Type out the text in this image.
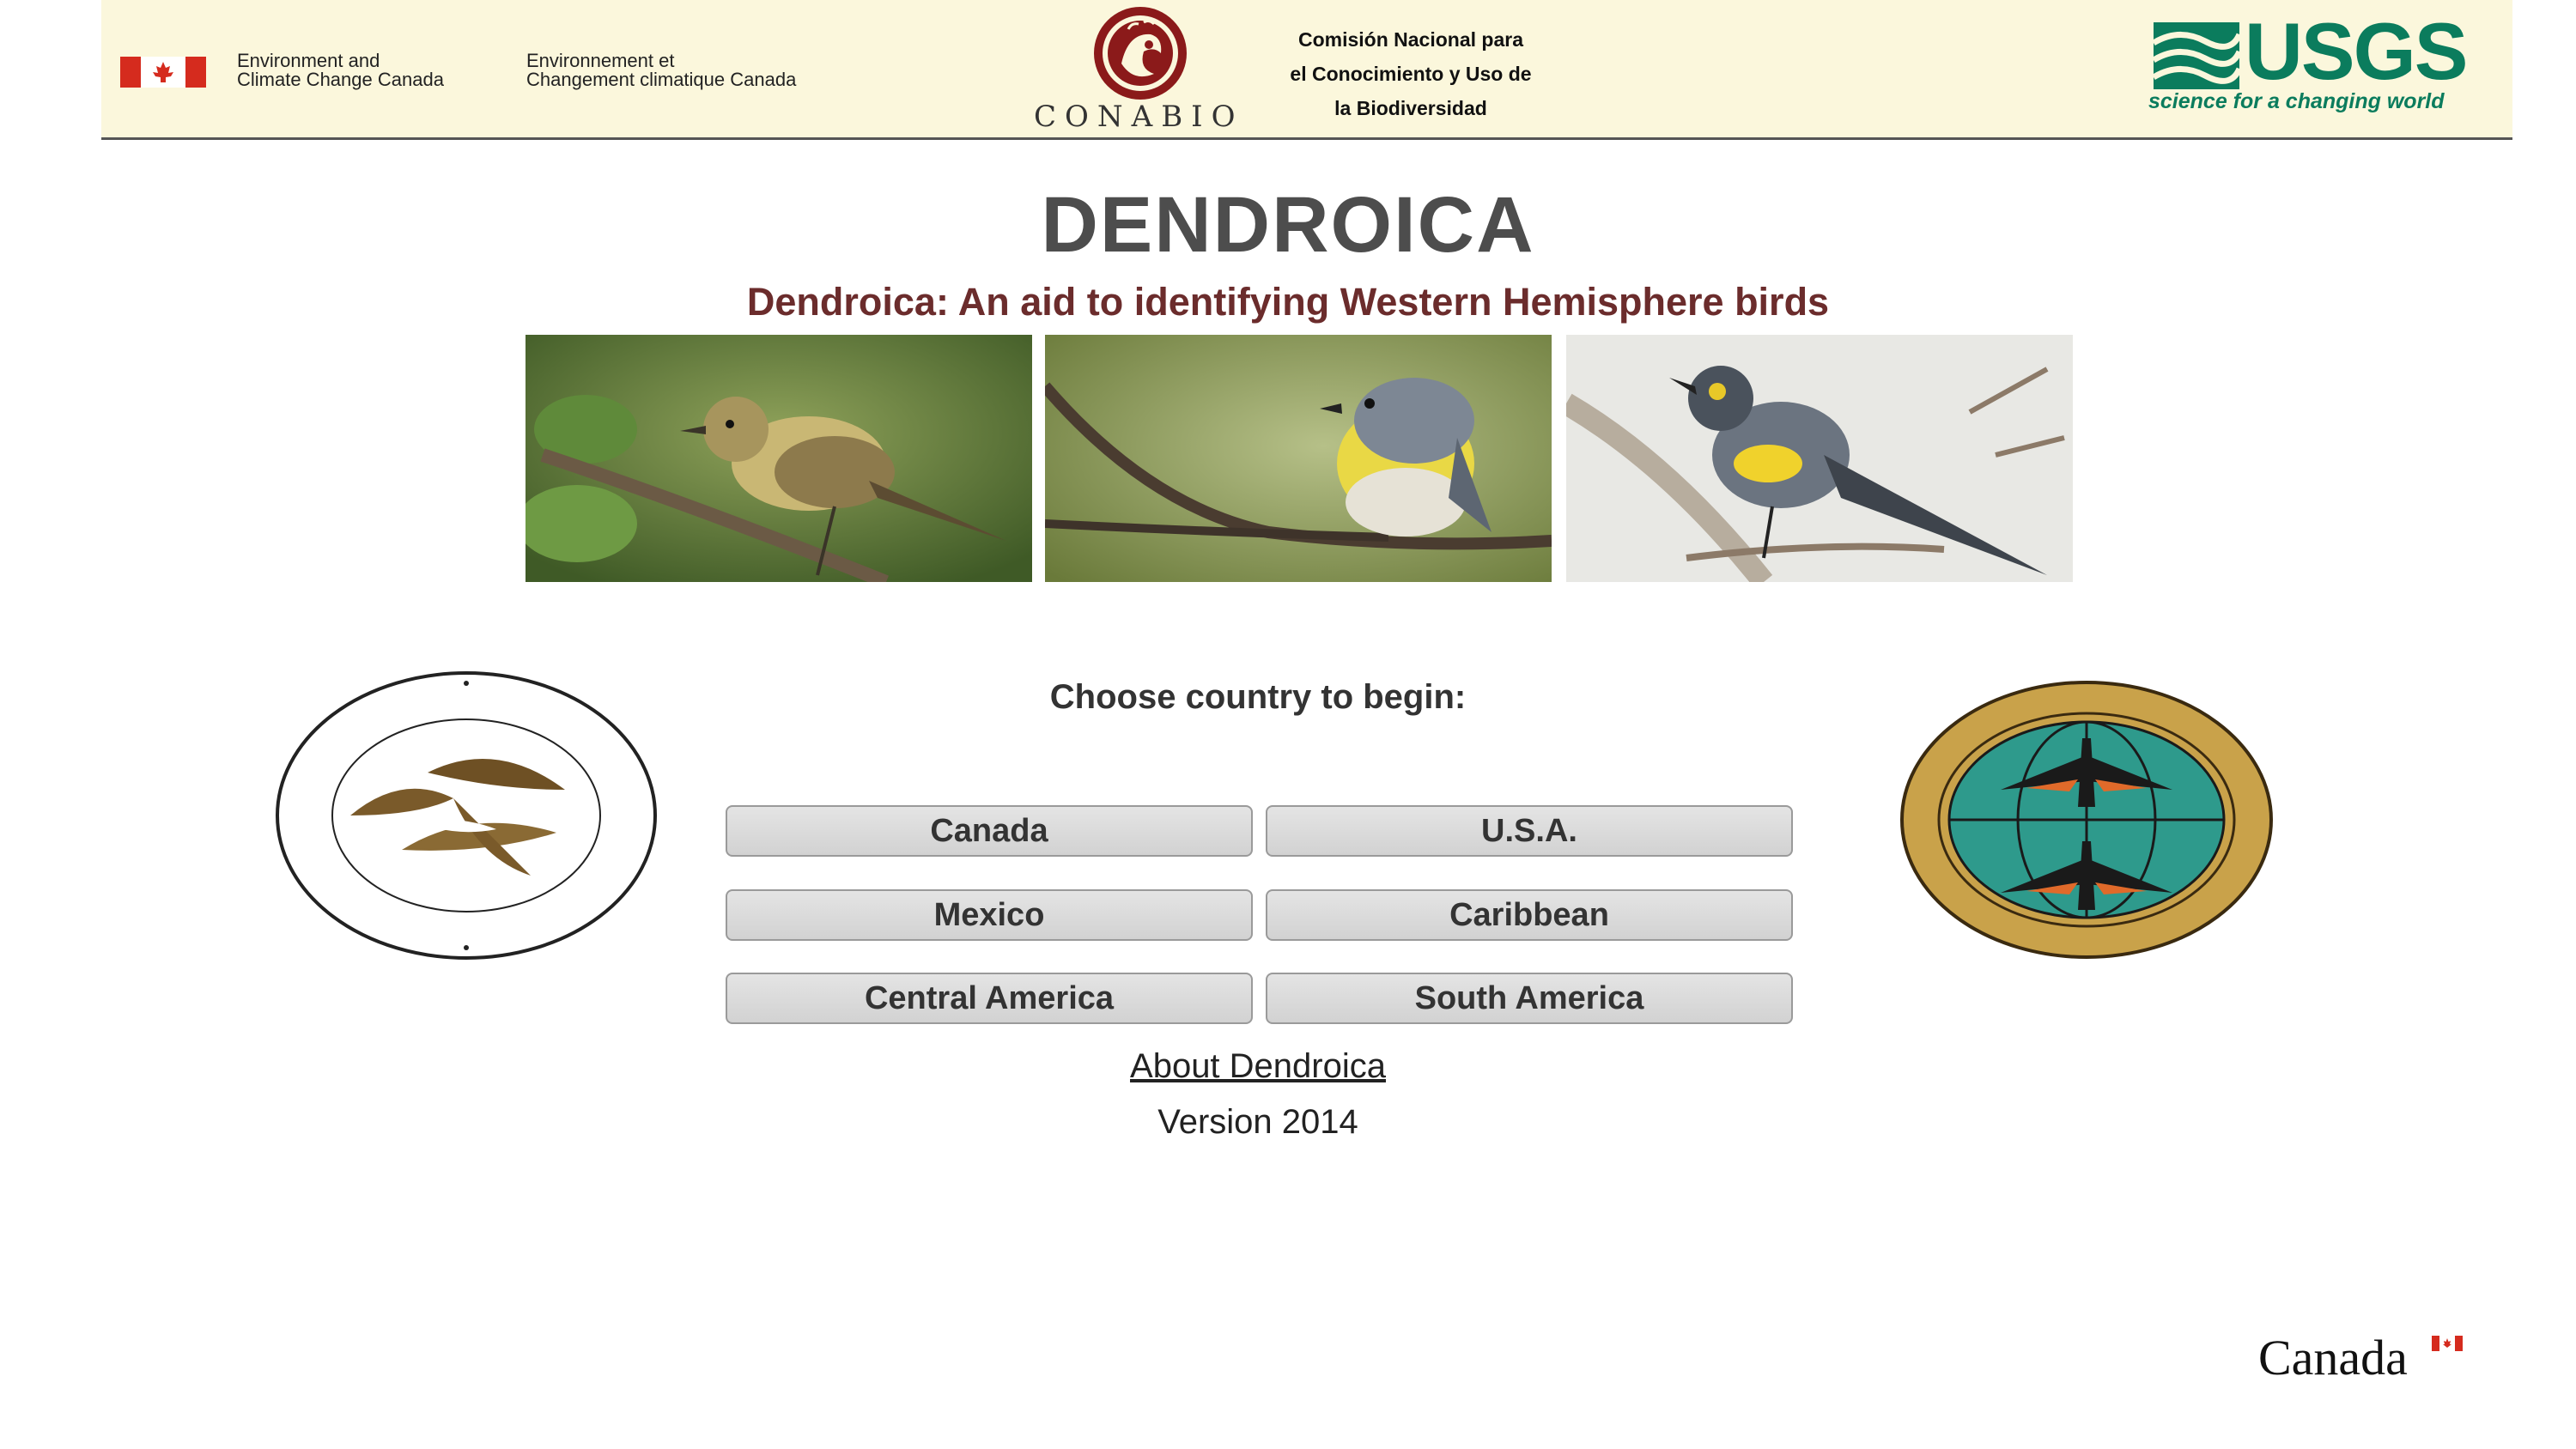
Environment and
Climate Change Canada
Environnement et
Changement climatique Canada
CONABIO
Comisión Nacional para
el Conocimiento y Uso de
la Biodiversidad
USGS
science for a changing world
DENDROICA
Dendroica: An aid to identifying Western Hemisphere birds
Choose country to begin:
Canada	U.S.A.
Mexico	Caribbean
Central America	South America
About Dendroica
Version 2014
Canada
